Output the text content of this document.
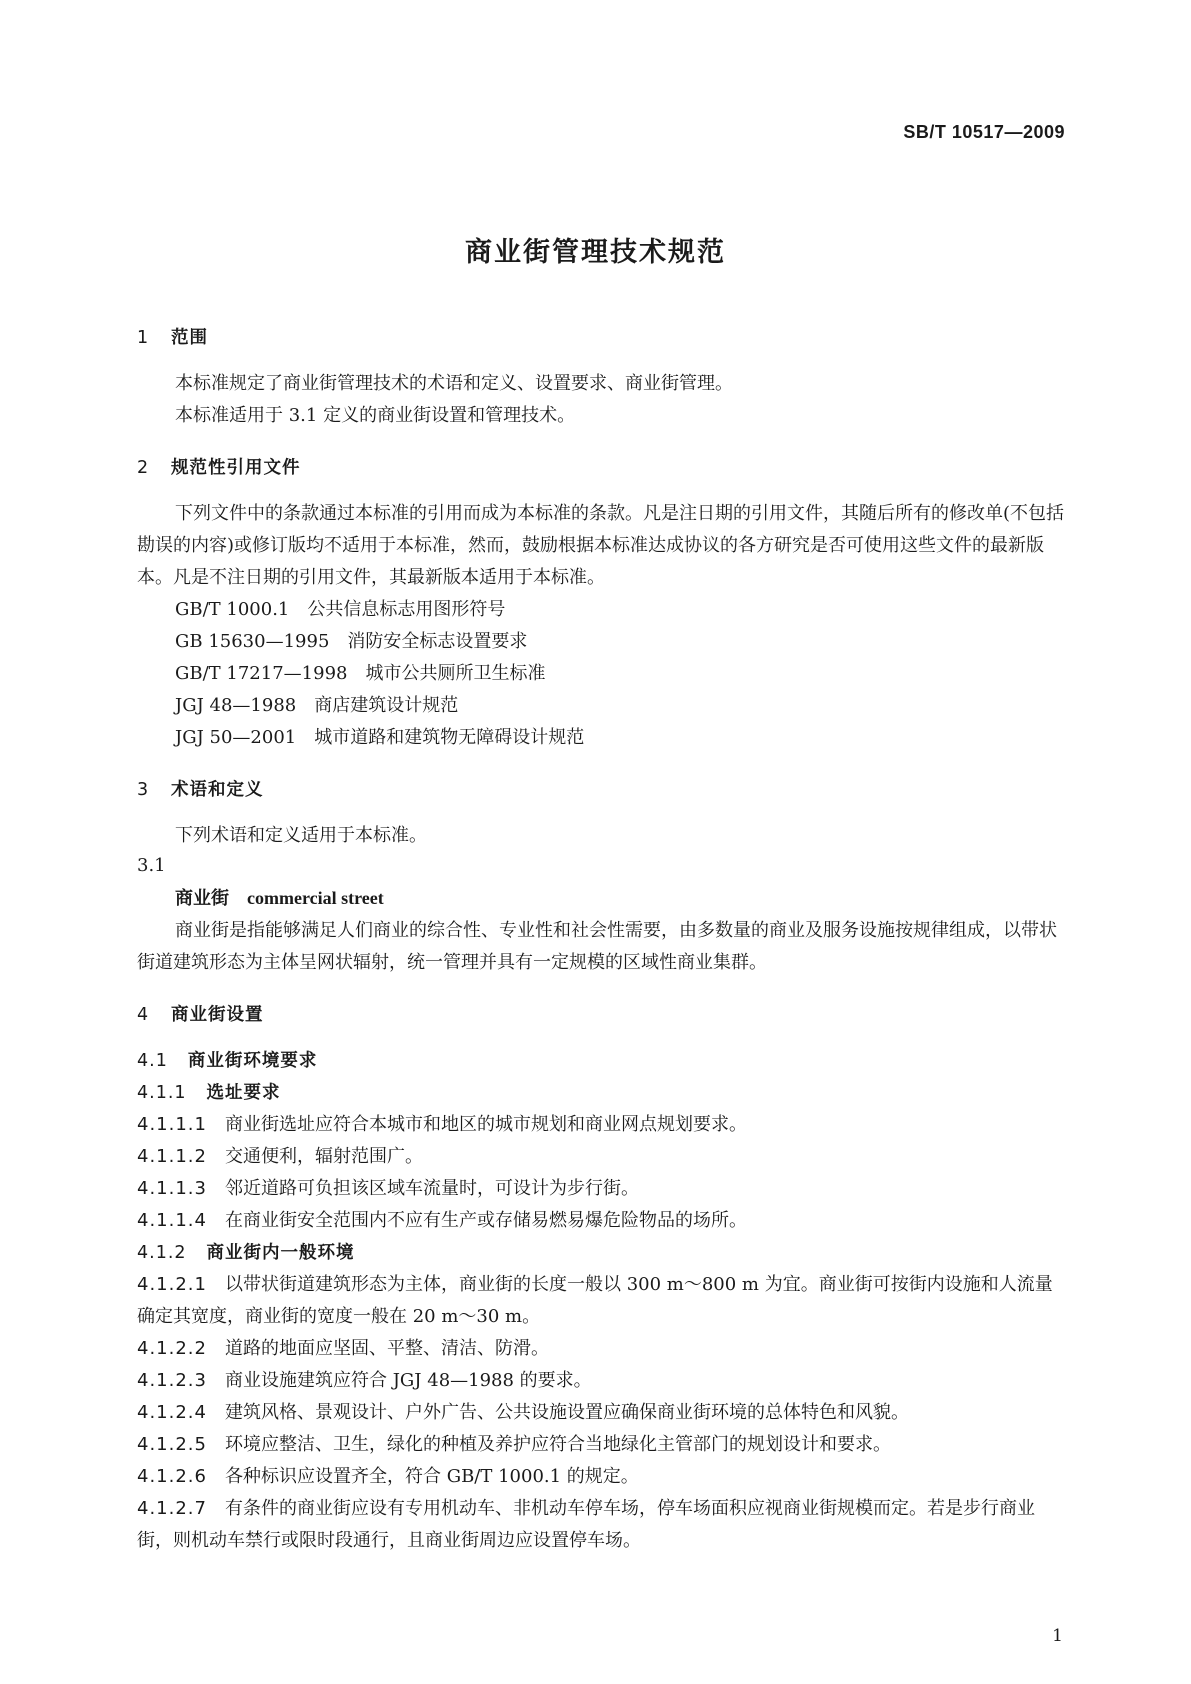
SB/T 10517—2009
商业街管理技术规范
1 范围
本标准规定了商业街管理技术的术语和定义、设置要求、商业街管理。
本标准适用于 3.1 定义的商业街设置和管理技术。
2 规范性引用文件
下列文件中的条款通过本标准的引用而成为本标准的条款。凡是注日期的引用文件，其随后所有的修改单(不包括勘误的内容)或修订版均不适用于本标准，然而，鼓励根据本标准达成协议的各方研究是否可使用这些文件的最新版本。凡是不注日期的引用文件，其最新版本适用于本标准。
GB/T 1000.1 公共信息标志用图形符号
GB 15630—1995 消防安全标志设置要求
GB/T 17217—1998 城市公共厕所卫生标准
JGJ 48—1988 商店建筑设计规范
JGJ 50—2001 城市道路和建筑物无障碍设计规范
3 术语和定义
下列术语和定义适用于本标准。
3.1
商业街 commercial street
商业街是指能够满足人们商业的综合性、专业性和社会性需要，由多数量的商业及服务设施按规律组成，以带状街道建筑形态为主体呈网状辐射，统一管理并具有一定规模的区域性商业集群。
4 商业街设置
4.1 商业街环境要求
4.1.1 选址要求
4.1.1.1 商业街选址应符合本城市和地区的城市规划和商业网点规划要求。
4.1.1.2 交通便利，辐射范围广。
4.1.1.3 邻近道路可负担该区域车流量时，可设计为步行街。
4.1.1.4 在商业街安全范围内不应有生产或存储易燃易爆危险物品的场所。
4.1.2 商业街内一般环境
4.1.2.1 以带状街道建筑形态为主体，商业街的长度一般以 300 m～800 m 为宜。商业街可按街内设施和人流量确定其宽度，商业街的宽度一般在 20 m～30 m。
4.1.2.2 道路的地面应坚固、平整、清洁、防滑。
4.1.2.3 商业设施建筑应符合 JGJ 48—1988 的要求。
4.1.2.4 建筑风格、景观设计、户外广告、公共设施设置应确保商业街环境的总体特色和风貌。
4.1.2.5 环境应整洁、卫生，绿化的种植及养护应符合当地绿化主管部门的规划设计和要求。
4.1.2.6 各种标识应设置齐全，符合 GB/T 1000.1 的规定。
4.1.2.7 有条件的商业街应设有专用机动车、非机动车停车场，停车场面积应视商业街规模而定。若是步行商业街，则机动车禁行或限时段通行，且商业街周边应设置停车场。
1
